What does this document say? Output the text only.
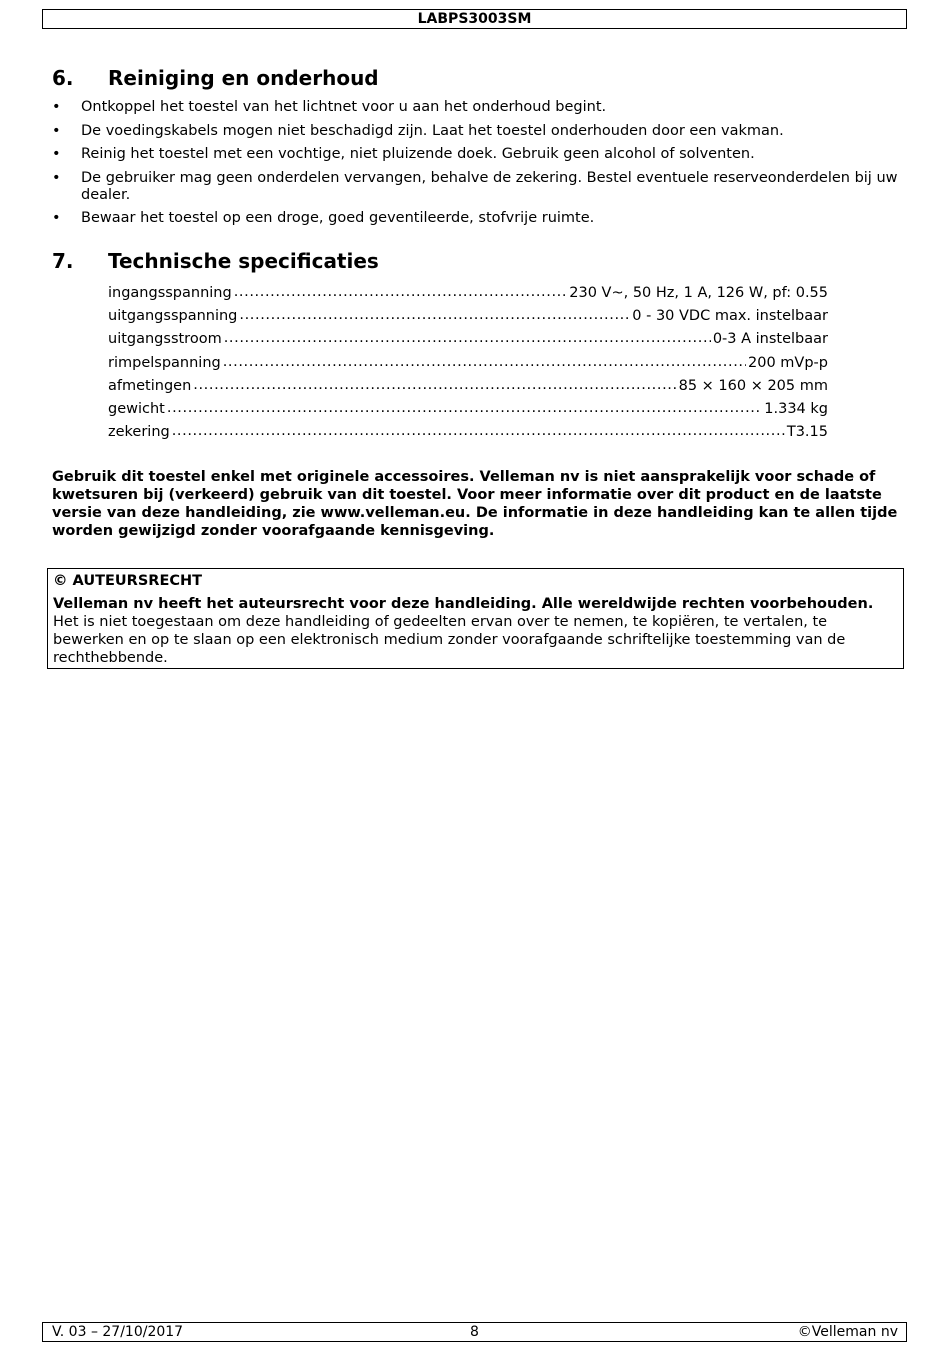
LABPS3003SM
6. Reiniging en onderhoud
• Ontkoppel het toestel van het lichtnet voor u aan het onderhoud begint.
• De voedingskabels mogen niet beschadigd zijn. Laat het toestel onderhouden door een vakman.
• Reinig het toestel met een vochtige, niet pluizende doek. Gebruik geen alcohol of solventen.
• De gebruiker mag geen onderdelen vervangen, behalve de zekering. Bestel eventuele reserveonderdelen bij uw dealer.
• Bewaar het toestel op een droge, goed geventileerde, stofvrije ruimte.
7. Technische specificaties
ingangsspanning .....	230 V~, 50 Hz, 1 A, 126 W, pf: 0.55
uitgangsspanning .....	0 - 30 VDC max. instelbaar
uitgangsstroom .....	0-3 A instelbaar
rimpelspanning .....	200 mVp-p
afmetingen .....	85 × 160 × 205 mm
gewicht .....	1.334 kg
zekering .....	T3.15

Gebruik dit toestel enkel met originele accessoires. Velleman nv is niet aansprakelijk voor schade of kwetsuren bij (verkeerd) gebruik van dit toestel. Voor meer informatie over dit product en de laatste versie van deze handleiding, zie www.velleman.eu. De informatie in deze handleiding kan te allen tijde worden gewijzigd zonder voorafgaande kennisgeving.

© AUTEURSRECHT
Velleman nv heeft het auteursrecht voor deze handleiding. Alle wereldwijde rechten voorbehouden.
Het is niet toegestaan om deze handleiding of gedeelten ervan over te nemen, te kopiëren, te vertalen, te bewerken en op te slaan op een elektronisch medium zonder voorafgaande schriftelijke toestemming van de rechthebbende.
V. 03 – 27/10/2017	8	©Velleman nv
